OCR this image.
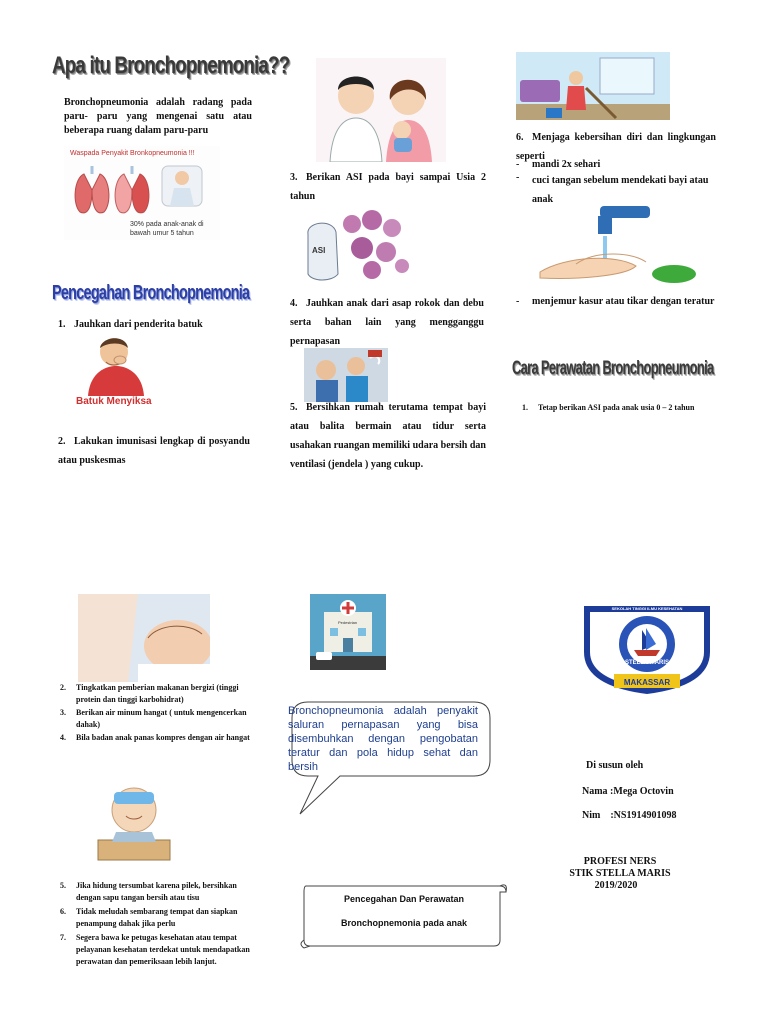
Apa itu Bronchopnemonia??
Bronchopneumonia adalah radang pada paru- paru yang mengenai satu atau beberapa ruang dalam paru-paru
Waspada Penyakit Bronkopneumonia !!!
30% pada anak-anak di bawah umur 5 tahun
Pencegahan Bronchopnemonia
1. Jauhkan dari penderita batuk
Batuk Menyiksa
2. Lakukan imunisasi lengkap di posyandu atau puskesmas
3. Berikan ASI pada bayi sampai Usia 2 tahun
ASI
4. Jauhkan anak dari asap rokok dan debu serta bahan lain yang mengganggu pernapasan
5. Bersihkan rumah terutama tempat bayi atau balita bermain atau tidur serta usahakan ruangan memiliki udara bersih dan ventilasi (jendela ) yang cukup.
6. Menjaga kebersihan diri dan lingkungan seperti
- mandi 2x sehari
-	cuci tangan sebelum mendekati bayi atau anak
-	menjemur kasur atau tikar dengan teratur
Cara Perawatan Bronchopneumonia
1.	Tetap berikan ASI pada anak usia 0 – 2 tahun
2.	Tingkatkan pemberian makanan bergizi (tinggi protein dan tinggi karbohidrat)
3.	Berikan air minum hangat ( untuk mengencerkan dahak)
4.	Bila badan anak panas kompres dengan air hangat
5.	Jika hidung tersumbat karena pilek, bersihkan dengan sapu tangan bersih atau tisu
6.	Tidak meludah sembarang tempat dan siapkan penampung dahak jika perlu
7.	Segera bawa ke petugas kesehatan atau tempat pelayanan kesehatan terdekat untuk mendapatkan perawatan dan pemeriksaan lebih lanjut.
Pedestrian
Bronchopneumonia adalah penyakit saluran pernapasan yang bisa disembuhkan dengan pengobatan teratur dan pola hidup sehat dan bersih
Pencegahan Dan Perawatan
Bronchopnemonia pada anak
MAKASSAR
STELLA MARIS
SEKOLAH TINGGI ILMU KESEHATAN
Di susun oleh
Nama :Mega Octovin
Nim    :NS1914901098
PROFESI NERS
STIK STELLA MARIS
2019/2020
